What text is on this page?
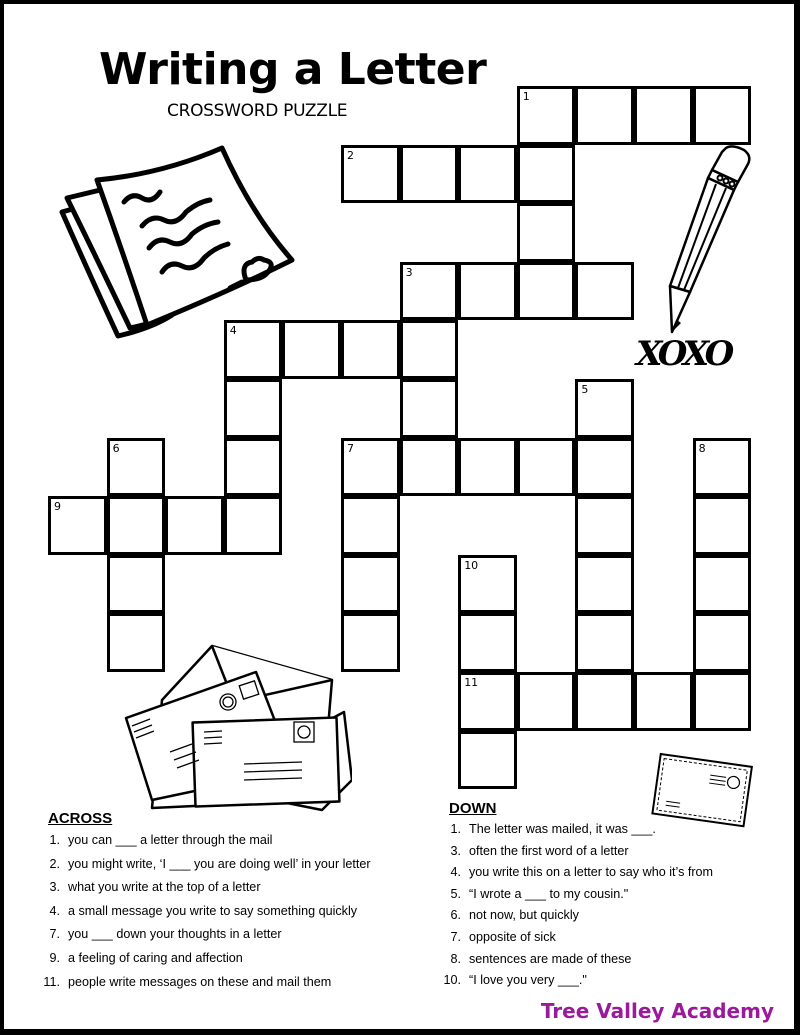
Writing a Letter
CROSSWORD PUZZLE
XOXO
1
2
3
4
5
6	7	8
9
10
11
ACROSS
1. you can ___ a letter through the mail
2. you might write, ‘I ___ you are doing well’ in your letter
3. what you write at the top of a letter
4. a small message you write to say something quickly
7. you ___ down your thoughts in a letter
9. a feeling of caring and affection
11. people write messages on these and mail them
DOWN
1. The letter was mailed, it was ___.
3. often the first word of a letter
4. you write this on a letter to say who it’s from
5. “I wrote a ___ to my cousin."
6. not now, but quickly
7. opposite of sick
8. sentences are made of these
10. “I love you very ___."
Tree Valley Academy
